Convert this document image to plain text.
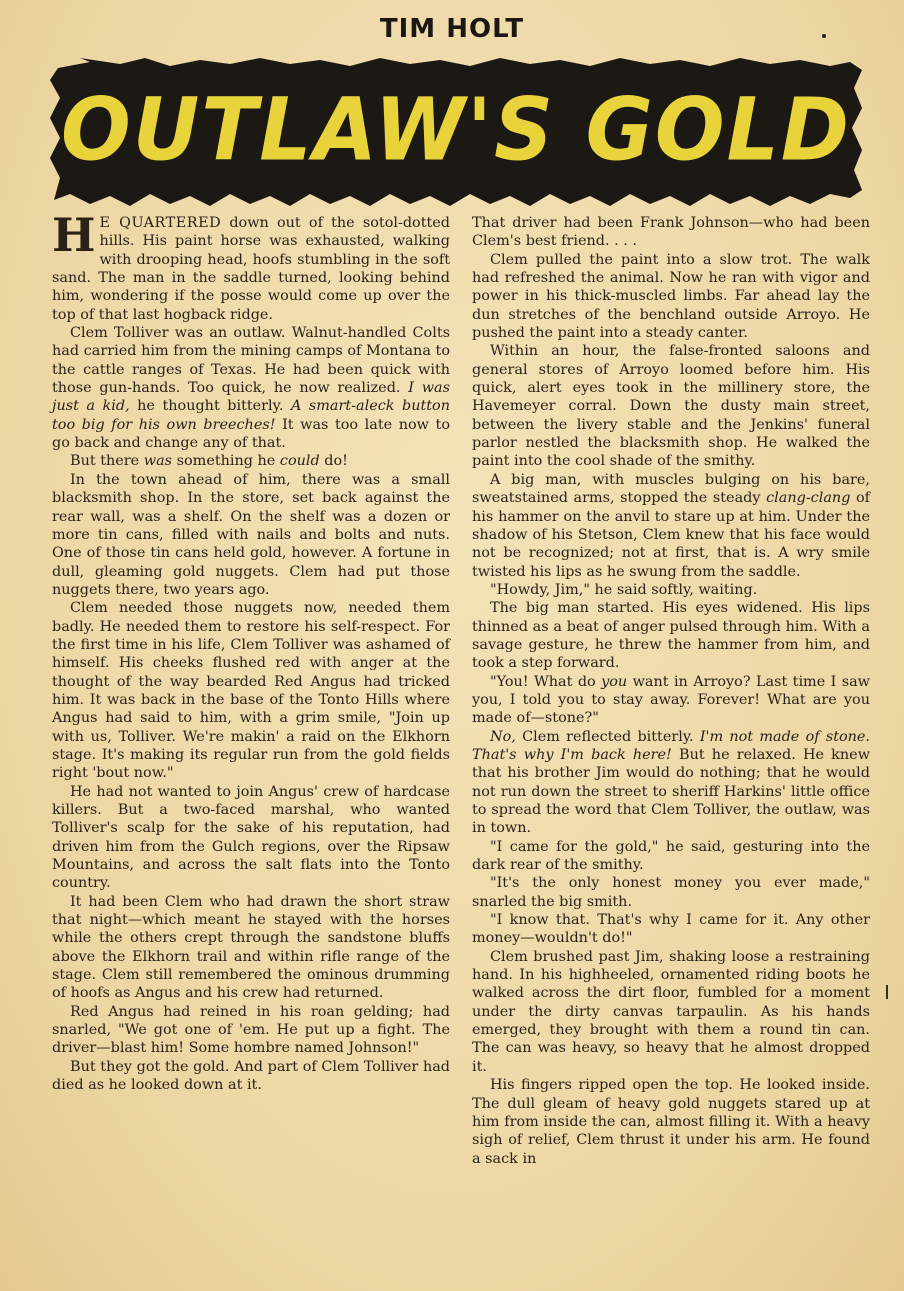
TIM HOLT
OUTLAW'S GOLD

H E QUARTERED down out of the sotol-dotted hills. His paint horse was exhausted, walking with drooping head, hoofs stumbling in the soft sand. The man in the saddle turned, looking behind him, wondering if the posse would come up over the top of that last hogback ridge.

Clem Tolliver was an outlaw. Walnut-handled Colts had carried him from the mining camps of Montana to the cattle ranges of Texas. He had been quick with those gun-hands. Too quick, he now realized. I was just a kid, he thought bitterly. A smart-aleck button too big for his own breeches! It was too late now to go back and change any of that.

But there was something he could do!

In the town ahead of him, there was a small blacksmith shop. In the store, set back against the rear wall, was a shelf. On the shelf was a dozen or more tin cans, filled with nails and bolts and nuts. One of those tin cans held gold, however. A fortune in dull, gleaming gold nuggets. Clem had put those nuggets there, two years ago.

Clem needed those nuggets now, needed them badly. He needed them to restore his self-respect. For the first time in his life, Clem Tolliver was ashamed of himself. His cheeks flushed red with anger at the thought of the way bearded Red Angus had tricked him. It was back in the base of the Tonto Hills where Angus had said to him, with a grim smile, "Join up with us, Tolliver. We're makin' a raid on the Elkhorn stage. It's making its regular run from the gold fields right 'bout now."

He had not wanted to join Angus' crew of hardcase killers. But a two-faced marshal, who wanted Tolliver's scalp for the sake of his reputation, had driven him from the Gulch regions, over the Ripsaw Mountains, and across the salt flats into the Tonto country.

It had been Clem who had drawn the short straw that night—which meant he stayed with the horses while the others crept through the sandstone bluffs above the Elkhorn trail and within rifle range of the stage. Clem still remembered the ominous drumming of hoofs as Angus and his crew had returned.

Red Angus had reined in his roan gelding; had snarled, "We got one of 'em. He put up a fight. The driver—blast him! Some hombre named Johnson!"

But they got the gold. And part of Clem Tolliver had died as he looked down at it.

That driver had been Frank Johnson—who had been Clem's best friend. . . .

Clem pulled the paint into a slow trot. The walk had refreshed the animal. Now he ran with vigor and power in his thick-muscled limbs. Far ahead lay the dun stretches of the benchland outside Arroyo. He pushed the paint into a steady canter.

Within an hour, the false-fronted saloons and general stores of Arroyo loomed before him. His quick, alert eyes took in the millinery store, the Havemeyer corral. Down the dusty main street, between the livery stable and the Jenkins' funeral parlor nestled the blacksmith shop. He walked the paint into the cool shade of the smithy.

A big man, with muscles bulging on his bare, sweatstained arms, stopped the steady clang-clang of his hammer on the anvil to stare up at him. Under the shadow of his Stetson, Clem knew that his face would not be recognized; not at first, that is. A wry smile twisted his lips as he swung from the saddle.

"Howdy, Jim," he said softly, waiting.

The big man started. His eyes widened. His lips thinned as a beat of anger pulsed through him. With a savage gesture, he threw the hammer from him, and took a step forward.

"You! What do you want in Arroyo? Last time I saw you, I told you to stay away. Forever! What are you made of—stone?"

No, Clem reflected bitterly. I'm not made of stone. That's why I'm back here! But he relaxed. He knew that his brother Jim would do nothing; that he would not run down the street to sheriff Harkins' little office to spread the word that Clem Tolliver, the outlaw, was in town.

"I came for the gold," he said, gesturing into the dark rear of the smithy.

"It's the only honest money you ever made," snarled the big smith.

"I know that. That's why I came for it. Any other money—wouldn't do!"

Clem brushed past Jim, shaking loose a restraining hand. In his highheeled, ornamented riding boots he walked across the dirt floor, fumbled for a moment under the dirty canvas tarpaulin. As his hands emerged, they brought with them a round tin can. The can was heavy, so heavy that he almost dropped it.

His fingers ripped open the top. He looked inside. The dull gleam of heavy gold nuggets stared up at him from inside the can, almost filling it. With a heavy sigh of relief, Clem thrust it under his arm. He found a sack in
